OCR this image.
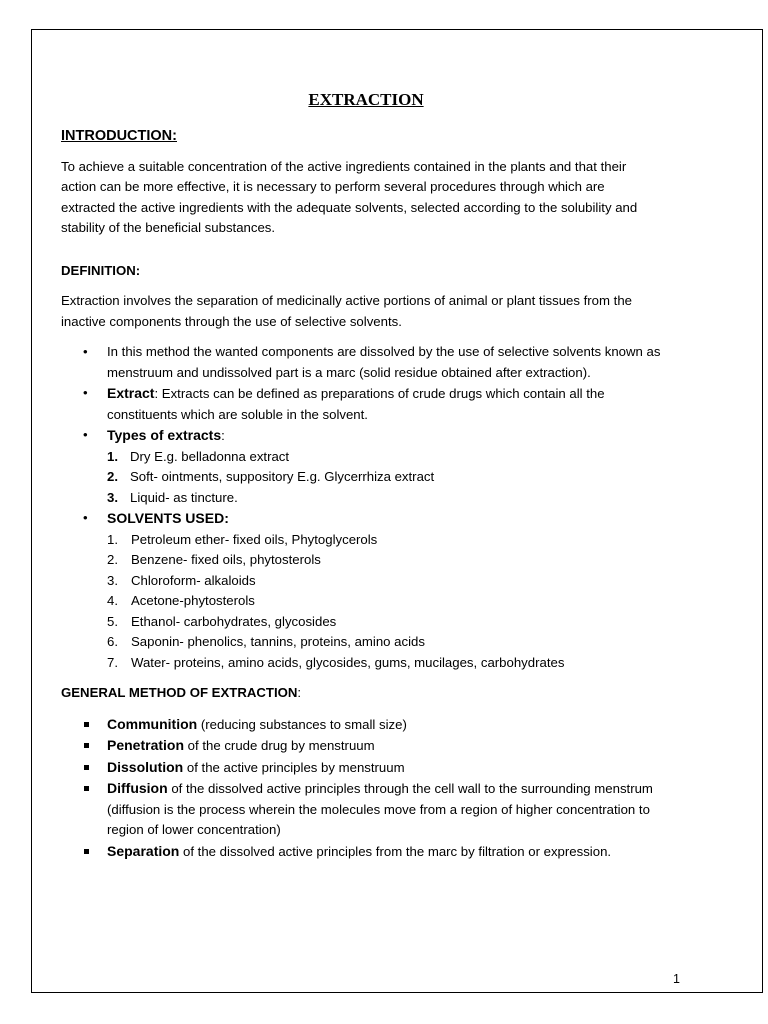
EXTRACTION
INTRODUCTION:

To achieve a suitable concentration of the active ingredients contained in the plants and that their action can be more effective, it is necessary to perform several procedures through which are extracted the active ingredients with the adequate solvents, selected according to the solubility and stability of the beneficial substances.

DEFINITION:

Extraction involves the separation of medicinally active portions of animal or plant tissues from the inactive components through the use of selective solvents.

• In this method the wanted components are dissolved by the use of selective solvents known as menstruum and undissolved part is a marc (solid residue obtained after extraction).
• Extract: Extracts can be defined as preparations of crude drugs which contain all the constituents which are soluble in the solvent.
• Types of extracts:
1. Dry E.g. belladonna extract
2. Soft- ointments, suppository E.g. Glycerrhiza extract
3. Liquid- as tincture.
• SOLVENTS USED:
1. Petroleum ether- fixed oils, Phytoglycerols
2. Benzene- fixed oils, phytosterols
3. Chloroform- alkaloids
4. Acetone-phytosterols
5. Ethanol- carbohydrates, glycosides
6. Saponin- phenolics, tannins, proteins, amino acids
7. Water- proteins, amino acids, glycosides, gums, mucilages, carbohydrates
GENERAL METHOD OF EXTRACTION:
Communition (reducing substances to small size)
Penetration of the crude drug by menstruum
Dissolution of the active principles by menstruum
Diffusion of the dissolved active principles through the cell wall to the surrounding menstrum (diffusion is the process wherein the molecules move from a region of higher concentration to region of lower concentration)
Separation of the dissolved active principles from the marc by filtration or expression.
1
